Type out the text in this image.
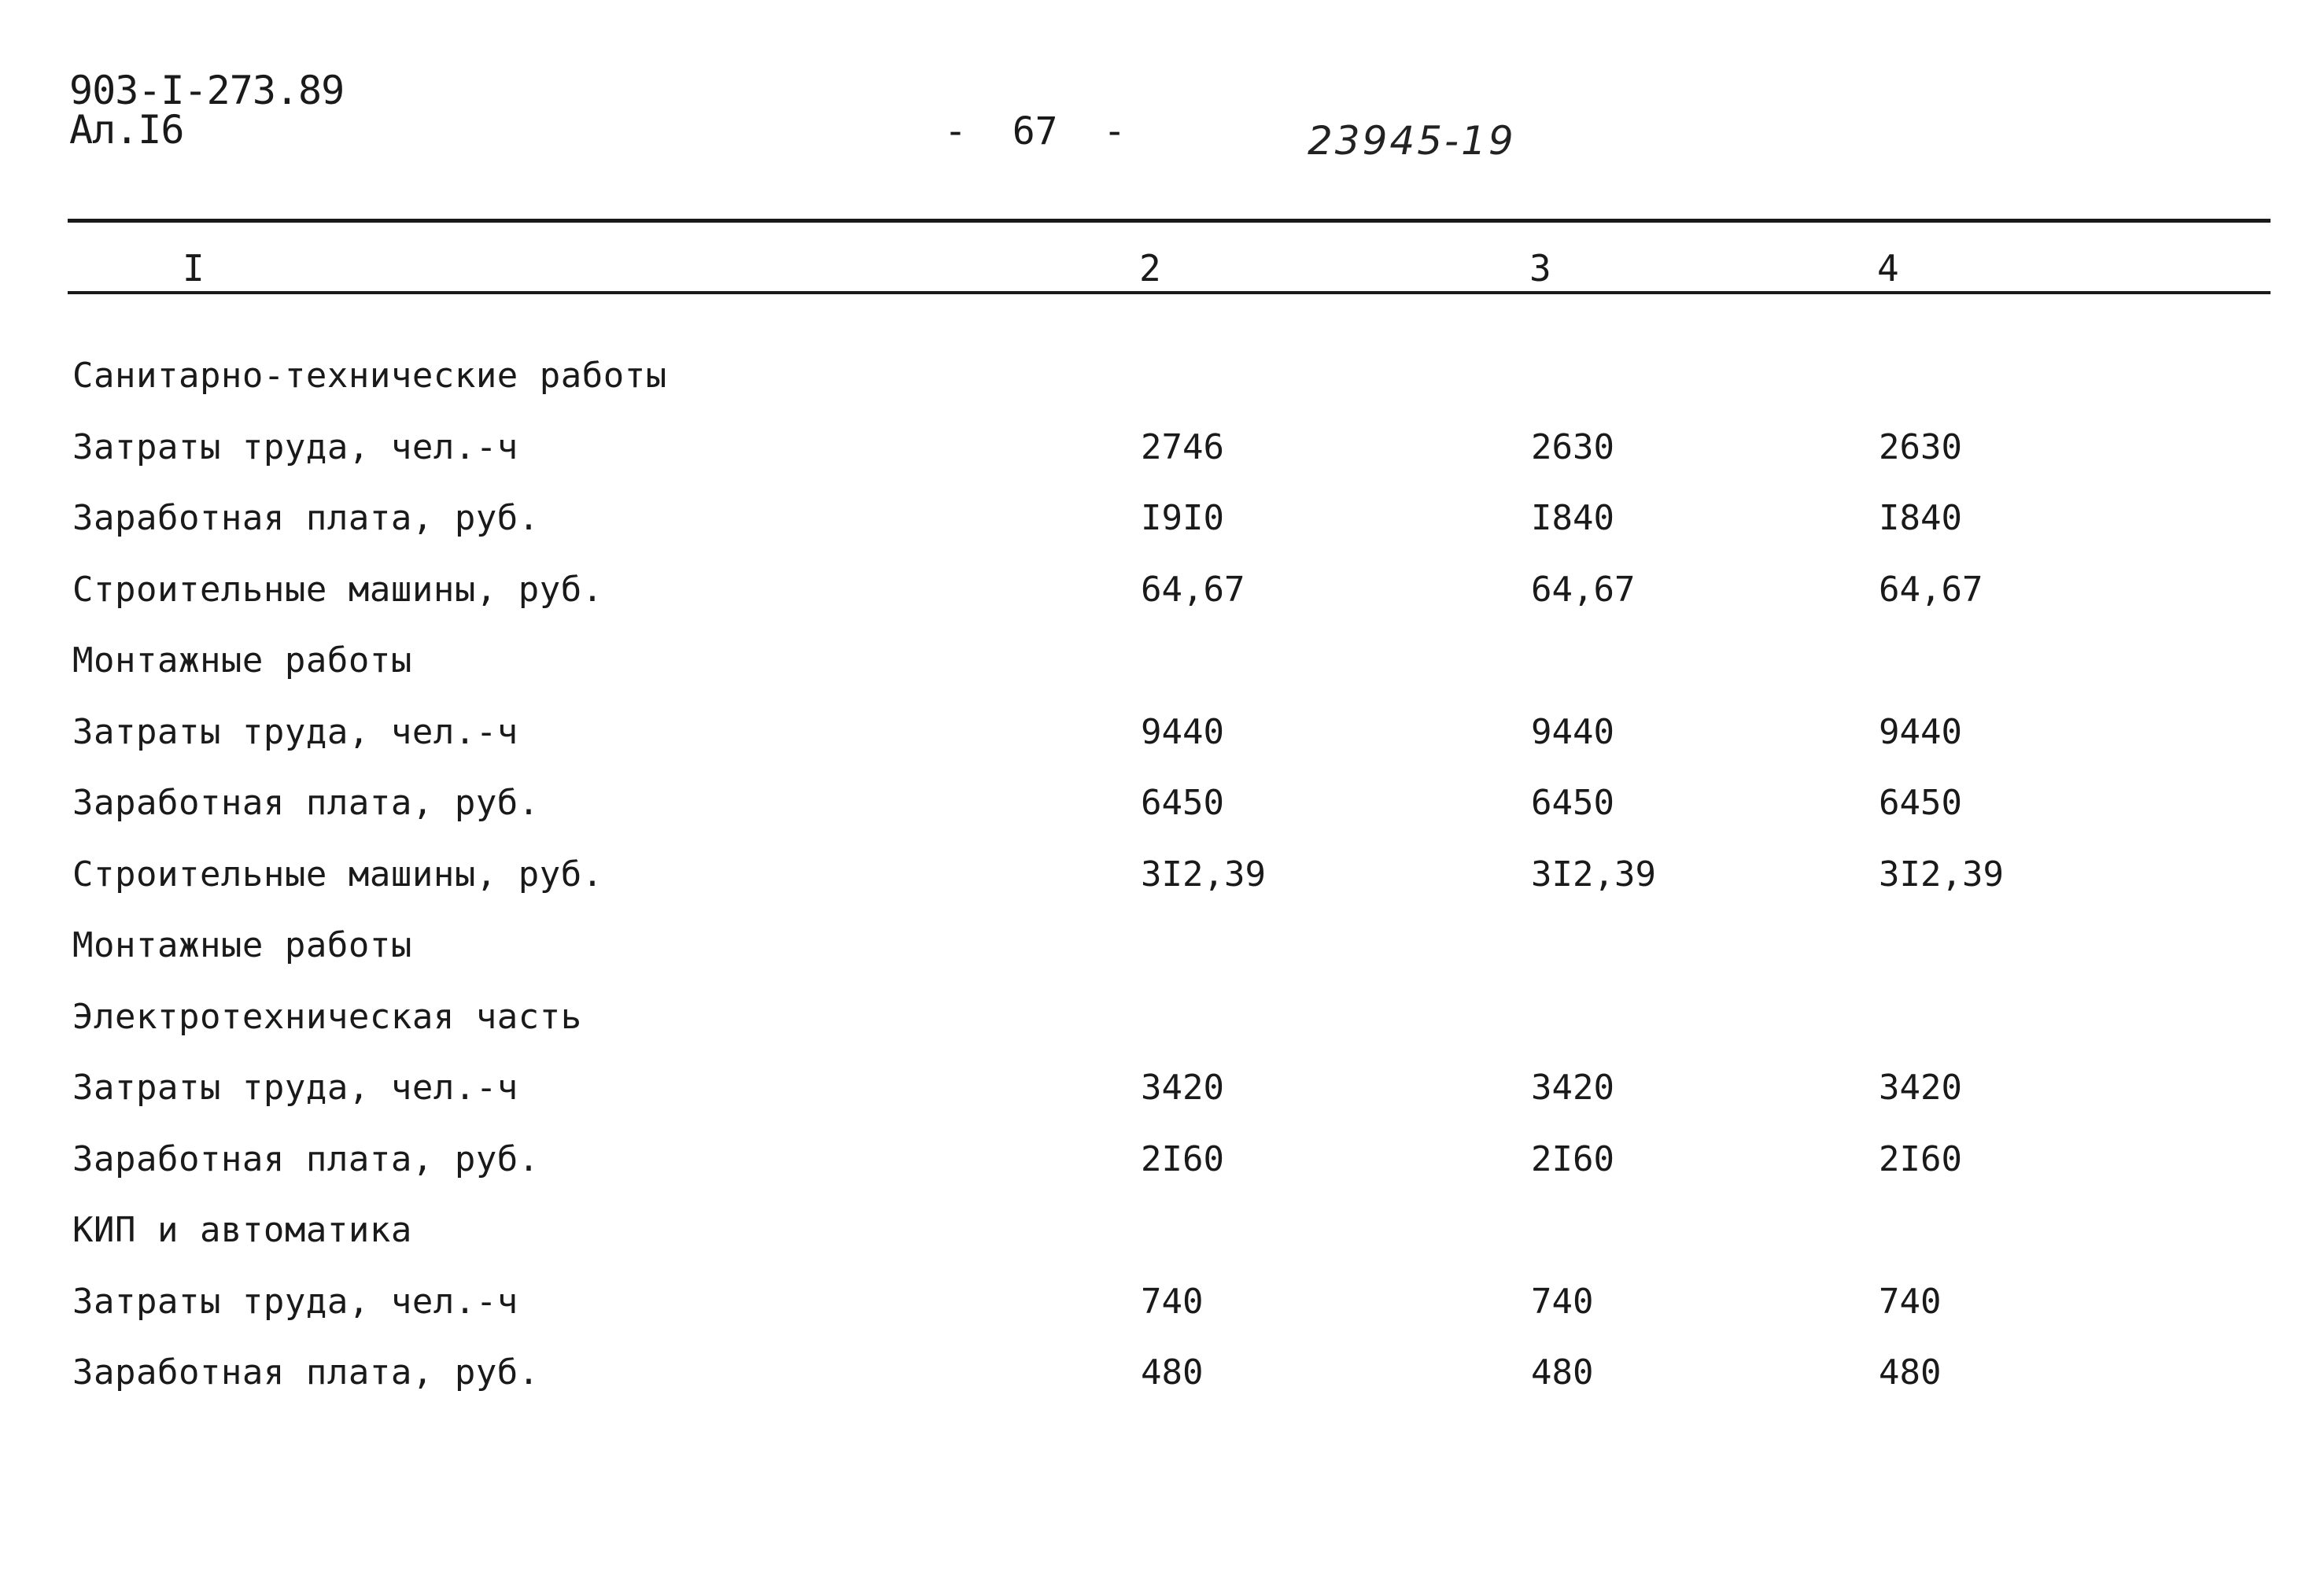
903-I-273.89
Ал.I6	-  67  -	23945-19
I	2	3	4
Санитарно-технические работы
Затраты труда, чел.-ч	2746	2630	2630
Заработная плата, руб.	I9I0	I840	I840
Строительные машины, руб.	64,67	64,67	64,67
Монтажные работы
Затраты труда, чел.-ч	9440	9440	9440
Заработная плата, руб.	6450	6450	6450
Строительные машины, руб.	3I2,39	3I2,39	3I2,39
Монтажные работы
Электротехническая часть
Затраты труда, чел.-ч	3420	3420	3420
Заработная плата, руб.	2I60	2I60	2I60
КИП и автоматика
Затраты труда, чел.-ч	740	740	740
Заработная плата, руб.	480	480	480
